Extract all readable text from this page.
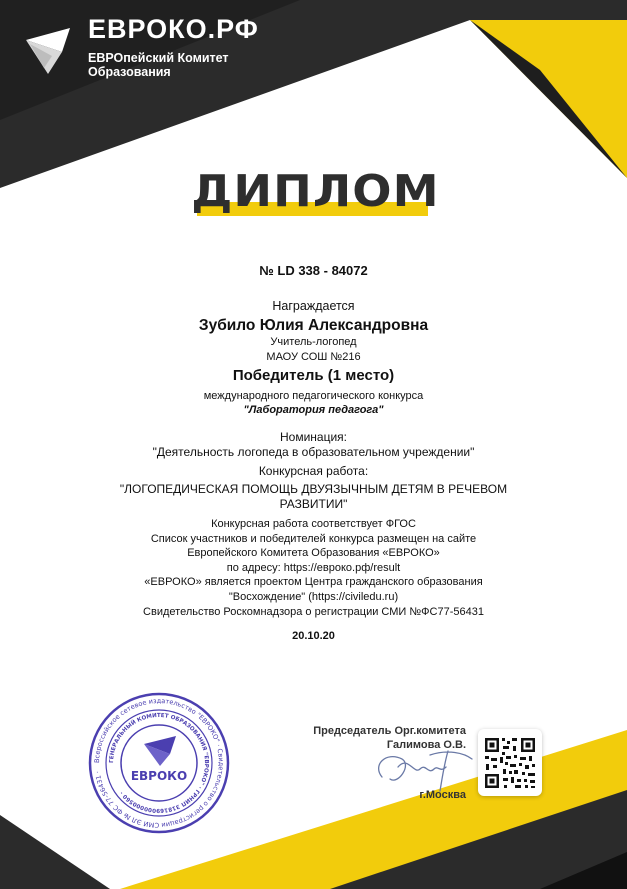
ЕВРОКО.РФ
ЕВРОпейский Комитет
Образования
ДИПЛОМ
№ LD 338 - 84072
Награждается
Зубило Юлия Александровна
Учитель-логопед
МАОУ СОШ №216
Победитель (1 место)
международного педагогического конкурса
"Лаборатория педагога"
Номинация:
"Деятельность логопеда в образовательном учреждении"
Конкурсная работа:
"ЛОГОПЕДИЧЕСКАЯ ПОМОЩЬ ДВУЯЗЫЧНЫМ ДЕТЯМ В РЕЧЕВОМ РАЗВИТИИ"
Конкурсная работа соответствует ФГОС
Список участников и победителей конкурса размещен на сайте
Европейского Комитета Образования «ЕВРОКО»
по адресу: https://евроко.рф/result
«ЕВРОКО» является проектом Центра гражданского образования
"Восхождение" (https://civiledu.ru)
Свидетельство Роскомнадзора о регистрации СМИ №ФС77-56431
20.10.20
Всероссийское сетевое издательство "ЕВРОКО" · Свидетельство о регистрации СМИ ЭЛ № ФС 77-56431 ·
ГЕНЕРАЛЬНЫЙ КОМИТЕТ ОБРАЗОВАНИЯ "ЕВРОКО" · ГРНИП 318169000000560 ·
ЕВРОКО
Председатель Орг.комитета
Галимова О.В.
г.Москва
